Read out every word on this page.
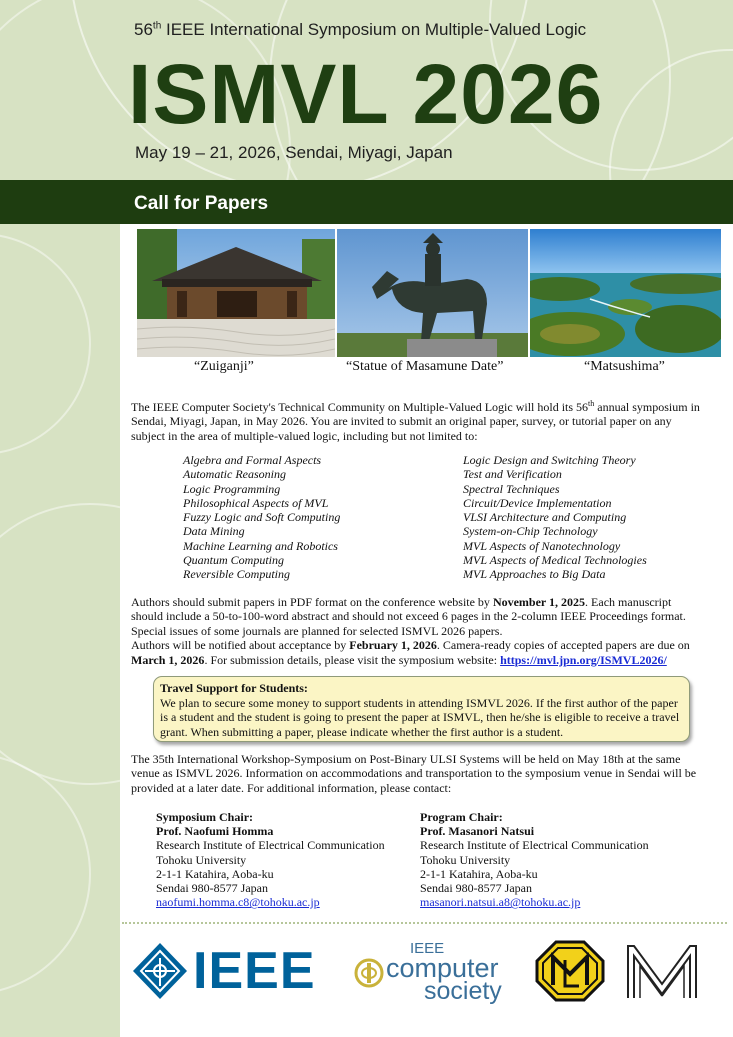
56th IEEE International Symposium on Multiple-Valued Logic
ISMVL 2026
May 19 – 21, 2026, Sendai, Miyagi, Japan
Call for Papers
“Zuiganji”	“Statue of Masamune Date”	“Matsushima”
The IEEE Computer Society's Technical Community on Multiple-Valued Logic will hold its 56th annual symposium in Sendai, Miyagi, Japan, in May 2026. You are invited to submit an original paper, survey, or tutorial paper on any subject in the area of multiple-valued logic, including but not limited to:
Algebra and Formal Aspects
Automatic Reasoning
Logic Programming
Philosophical Aspects of MVL
Fuzzy Logic and Soft Computing
Data Mining
Machine Learning and Robotics
Quantum Computing
Reversible Computing
Logic Design and Switching Theory
Test and Verification
Spectral Techniques
Circuit/Device Implementation
VLSI Architecture and Computing
System-on-Chip Technology
MVL Aspects of Nanotechnology
MVL Aspects of Medical Technologies
MVL Approaches to Big Data
Authors should submit papers in PDF format on the conference website by November 1, 2025. Each manuscript should include a 50-to-100-word abstract and should not exceed 6 pages in the 2-column IEEE Proceedings format. Special issues of some journals are planned for selected ISMVL 2026 papers.
Authors will be notified about acceptance by February 1, 2026. Camera-ready copies of accepted papers are due on March 1, 2026. For submission details, please visit the symposium website: https://mvl.jpn.org/ISMVL2026/
Travel Support for Students:
We plan to secure some money to support students in attending ISMVL 2026. If the first author of the paper is a student and the student is going to present the paper at ISMVL, then he/she is eligible to receive a travel grant. When submitting a paper, please indicate whether the first author is a student.
The 35th International Workshop-Symposium on Post-Binary ULSI Systems will be held on May 18th at the same venue as ISMVL 2026. Information on accommodations and transportation to the symposium venue in Sendai will be provided at a later date. For additional information, please contact:
Symposium Chair:
Prof. Naofumi Homma
Research Institute of Electrical Communication
Tohoku University
2-1-1 Katahira, Aoba-ku
Sendai 980-8577 Japan
naofumi.homma.c8@tohoku.ac.jp
Program Chair:
Prof. Masanori Natsui
Research Institute of Electrical Communication
Tohoku University
2-1-1 Katahira, Aoba-ku
Sendai 980-8577 Japan
masanori.natsui.a8@tohoku.ac.jp
IEEE	IEEE
computer
society
